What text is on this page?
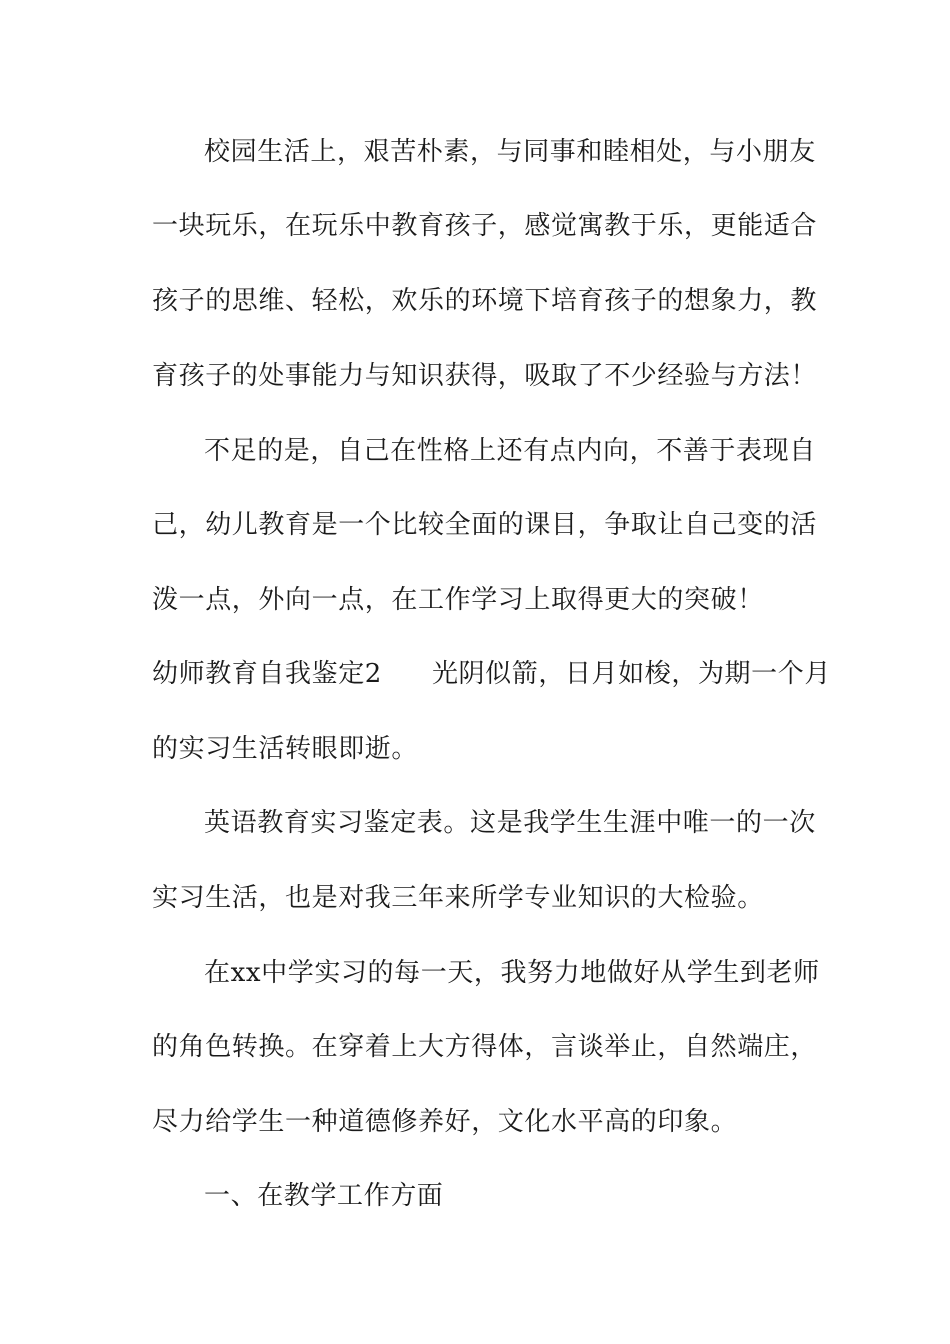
校园生活上，艰苦朴素，与同事和睦相处，与小朋友
一块玩乐，在玩乐中教育孩子，感觉寓教于乐，更能适合
孩子的思维、轻松，欢乐的环境下培育孩子的想象力，教
育孩子的处事能力与知识获得，吸取了不少经验与方法！
不足的是，自己在性格上还有点内向，不善于表现自
己，幼儿教育是一个比较全面的课目，争取让自己变的活
泼一点，外向一点，在工作学习上取得更大的突破！
幼师教育自我鉴定2 光阴似箭，日月如梭，为期一个月
的实习生活转眼即逝。
英语教育实习鉴定表。这是我学生生涯中唯一的一次
实习生活，也是对我三年来所学专业知识的大检验。
在xx中学实习的每一天，我努力地做好从学生到老师
的角色转换。在穿着上大方得体，言谈举止，自然端庄，
尽力给学生一种道德修养好，文化水平高的印象。
一、在教学工作方面
